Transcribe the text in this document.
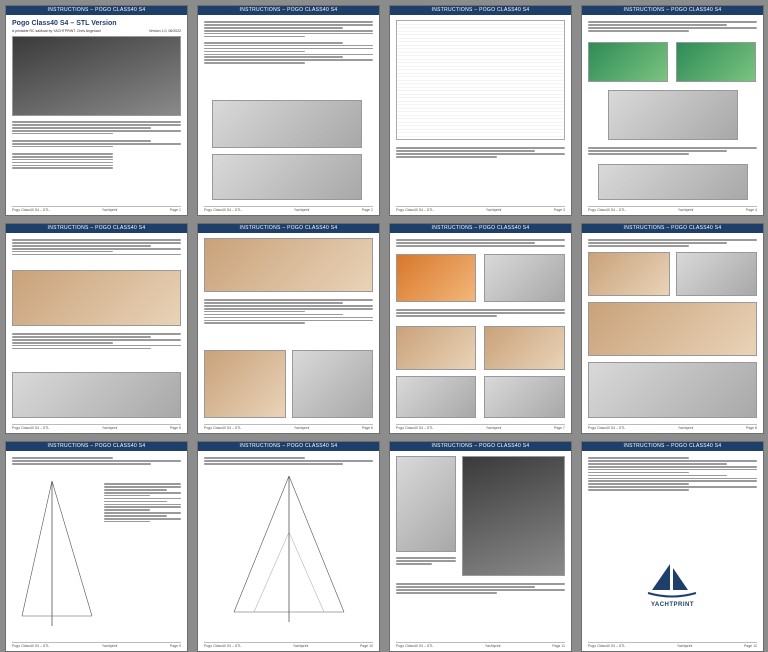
INSTRUCTIONS – POGO CLASS40 S4
Pogo Class40 S4 – STL Version
A printable RC sailboat by YACHTPRINT. Chris Angelucci	Version 1.0, 06/2022
Pogo Class40 S4 – STL	Yachtprint	Page 1
INSTRUCTIONS – POGO CLASS40 S4
Pogo Class40 S4 – STL	Yachtprint	Page 2
INSTRUCTIONS – POGO CLASS40 S4
Pogo Class40 S4 – STL	Yachtprint	Page 3
INSTRUCTIONS – POGO CLASS40 S4
Pogo Class40 S4 – STL	Yachtprint	Page 4
INSTRUCTIONS – POGO CLASS40 S4
Pogo Class40 S4 – STL	Yachtprint	Page 5
INSTRUCTIONS – POGO CLASS40 S4
Pogo Class40 S4 – STL	Yachtprint	Page 6
INSTRUCTIONS – POGO CLASS40 S4
Pogo Class40 S4 – STL	Yachtprint	Page 7
INSTRUCTIONS – POGO CLASS40 S4
Pogo Class40 S4 – STL	Yachtprint	Page 8
INSTRUCTIONS – POGO CLASS40 S4
Pogo Class40 S4 – STL	Yachtprint	Page 9
INSTRUCTIONS – POGO CLASS40 S4
Pogo Class40 S4 – STL	Yachtprint	Page 10
INSTRUCTIONS – POGO CLASS40 S4
Pogo Class40 S4 – STL	Yachtprint	Page 11
INSTRUCTIONS – POGO CLASS40 S4
YACHTPRINT
Pogo Class40 S4 – STL	Yachtprint	Page 12
